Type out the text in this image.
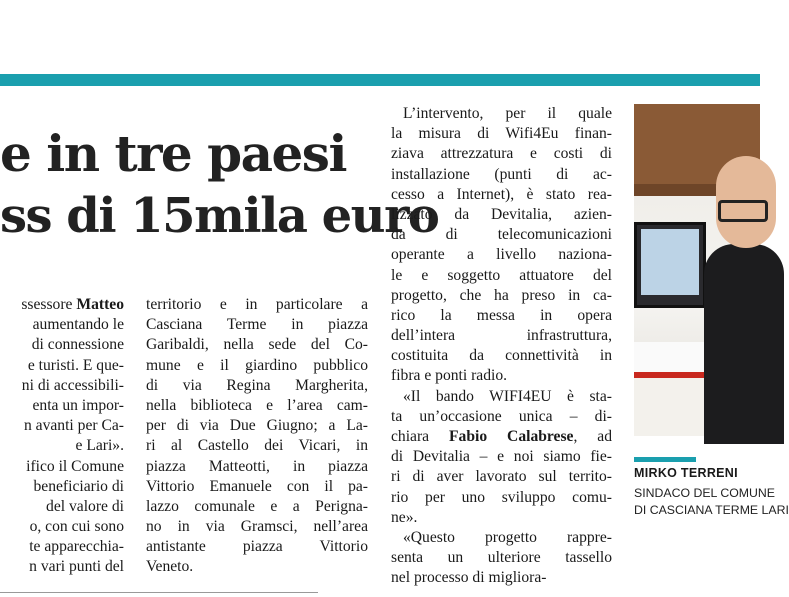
e in tre paesi
ss di 15mila euro
ssessore Matteo
aumentando le
di connessione
e turisti. E que-
ni di accessibili-
enta un impor-
n avanti per Ca-
e Lari».
ifico il Comune
beneficiario di
del valore di
o, con cui sono
te apparecchia-
n vari punti del
territorio e in particolare a
Casciana Terme in piazza
Garibaldi, nella sede del Co-
mune e il giardino pubblico
di via Regina Margherita,
nella biblioteca e l’area cam-
per di via Due Giugno; a La-
ri al Castello dei Vicari, in
piazza Matteotti, in piazza
Vittorio Emanuele con il pa-
lazzo comunale e a Perigna-
no in via Gramsci, nell’area
antistante piazza Vittorio
Veneto.
L’intervento, per il quale
la misura di Wifi4Eu finan-
ziava attrezzatura e costi di
installazione (punti di ac-
cesso a Internet), è stato rea-
lizzato da Devitalia, azien-
da di telecomunicazioni
operante a livello naziona-
le e soggetto attuatore del
progetto, che ha preso in ca-
rico la messa in opera
dell’intera infrastruttura,
costituita da connettività in
fibra e ponti radio.
«Il bando WIFI4EU è sta-
ta un’occasione unica – di-
chiara Fabio Calabrese, ad
di Devitalia – e noi siamo fie-
ri di aver lavorato sul territo-
rio per uno sviluppo comu-
ne».
«Questo progetto rappre-
senta un ulteriore tassello
nel processo di migliora-
MIRKO TERRENI
SINDACO DEL COMUNE
DI CASCIANA TERME LARI
